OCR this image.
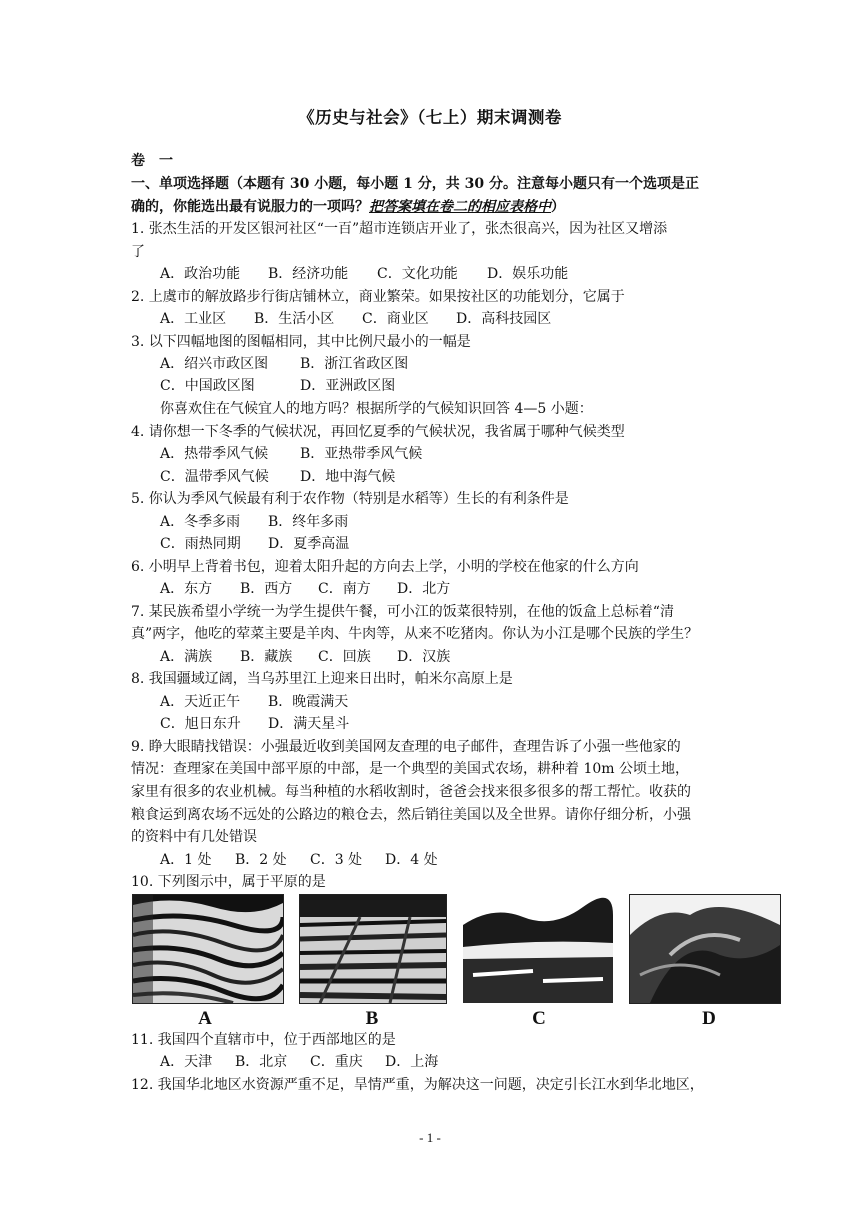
《历史与社会》（七上）期末调测卷
卷　一
一、单项选择题（本题有 30 小题，每小题 1 分，共 30 分。注意每小题只有一个选项是正
确的，你能选出最有说服力的一项吗？把答案填在卷二的相应表格中）
1. 张杰生活的开发区银河社区“一百”超市连锁店开业了，张杰很高兴，因为社区又增添
了
A．政治功能 B．经济功能 C．文化功能 D．娱乐功能
2. 上虞市的解放路步行街店铺林立，商业繁荣。如果按社区的功能划分，它属于
A．工业区 B．生活小区 C．商业区 D．高科技园区
3. 以下四幅地图的图幅相同，其中比例尺最小的一幅是
A．绍兴市政区图 B．浙江省政区图
C．中国政区图	D．亚洲政区图
你喜欢住在气候宜人的地方吗？根据所学的气候知识回答 4—5 小题：
4. 请你想一下冬季的气候状况，再回忆夏季的气候状况，我省属于哪种气候类型
A．热带季风气候 B．亚热带季风气候
C．温带季风气候 D．地中海气候
5. 你认为季风气候最有利于农作物（特别是水稻等）生长的有利条件是
A．冬季多雨 B．终年多雨
C．雨热同期 D．夏季高温
6. 小明早上背着书包，迎着太阳升起的方向去上学，小明的学校在他家的什么方向
A．东方 B．西方 C．南方 D．北方
7. 某民族希望小学统一为学生提供午餐，可小江的饭菜很特别，在他的饭盒上总标着“清
真”两字，他吃的荤菜主要是羊肉、牛肉等，从来不吃猪肉。你认为小江是哪个民族的学生？
A．满族 B．藏族 C．回族 D．汉族
8. 我国疆域辽阔，当乌苏里江上迎来日出时，帕米尔高原上是
A．天近正午 B．晚霞满天
C．旭日东升 D．满天星斗
9. 睁大眼睛找错误：小强最近收到美国网友查理的电子邮件，查理告诉了小强一些他家的
情况：查理家在美国中部平原的中部，是一个典型的美国式农场，耕种着 10m 公顷土地，
家里有很多的农业机械。每当种植的水稻收割时，爸爸会找来很多很多的帮工帮忙。收获的
粮食运到离农场不远处的公路边的粮仓去，然后销往美国以及全世界。请你仔细分析，小强
的资料中有几处错误
A．1 处 B．2 处 C．3 处 D．4 处
10. 下列图示中，属于平原的是
A	B	C	D
11. 我国四个直辖市中，位于西部地区的是
A．天津 B．北京 C．重庆 D．上海
12. 我国华北地区水资源严重不足，旱情严重，为解决这一问题，决定引长江水到华北地区，
- 1 -
